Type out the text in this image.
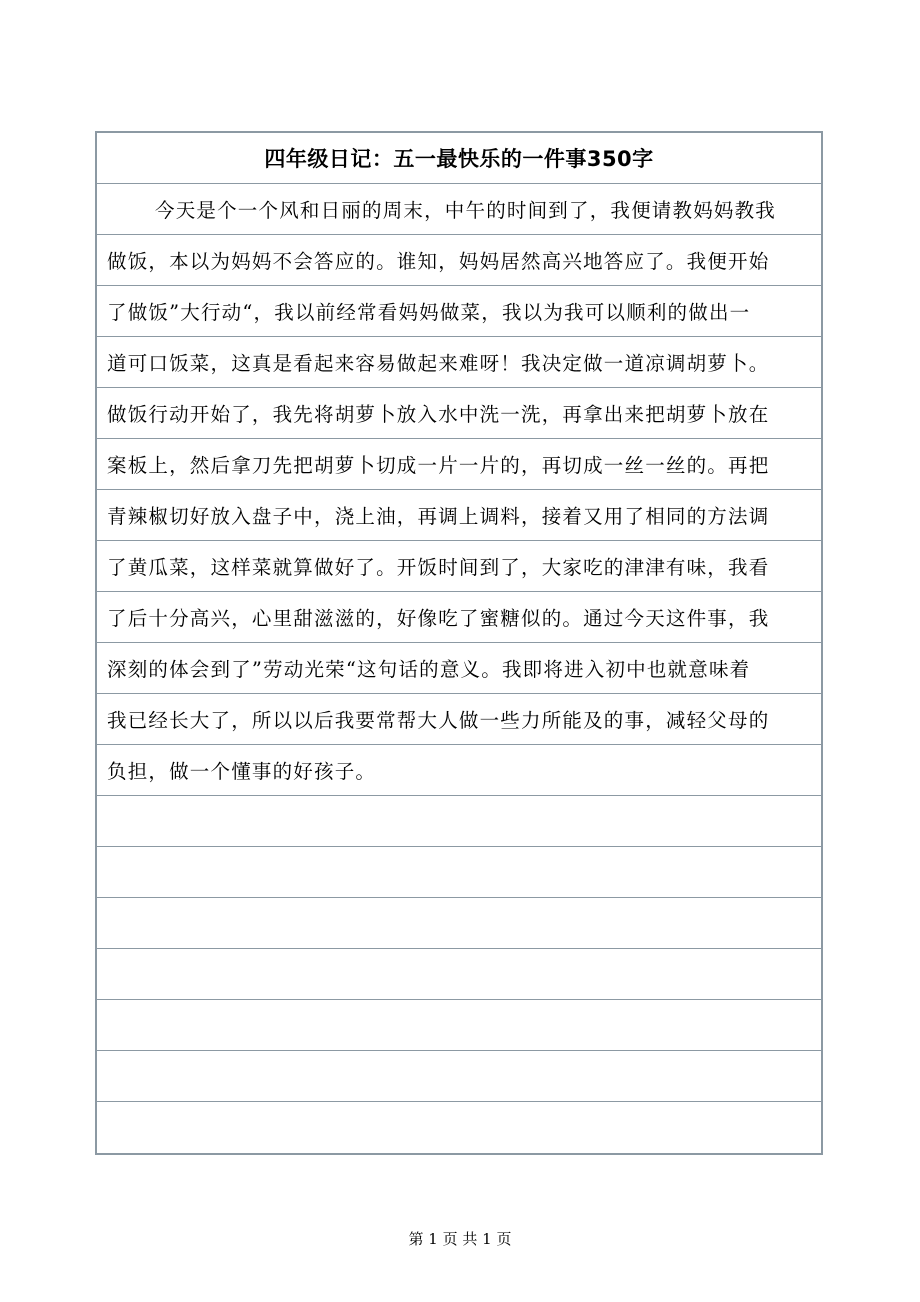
四年级日记：五一最快乐的一件事350字
今天是个一个风和日丽的周末，中午的时间到了，我便请教妈妈教我
做饭，本以为妈妈不会答应的。谁知，妈妈居然高兴地答应了。我便开始
了做饭”大行动“，我以前经常看妈妈做菜，我以为我可以顺利的做出一
道可口饭菜，这真是看起来容易做起来难呀！我决定做一道凉调胡萝卜。
做饭行动开始了，我先将胡萝卜放入水中洗一洗，再拿出来把胡萝卜放在
案板上，然后拿刀先把胡萝卜切成一片一片的，再切成一丝一丝的。再把
青辣椒切好放入盘子中，浇上油，再调上调料，接着又用了相同的方法调
了黄瓜菜，这样菜就算做好了。开饭时间到了，大家吃的津津有味，我看
了后十分高兴，心里甜滋滋的，好像吃了蜜糖似的。通过今天这件事，我
深刻的体会到了”劳动光荣“这句话的意义。我即将进入初中也就意味着
我已经长大了，所以以后我要常帮大人做一些力所能及的事，减轻父母的
负担，做一个懂事的好孩子。
第 1 页 共 1 页
